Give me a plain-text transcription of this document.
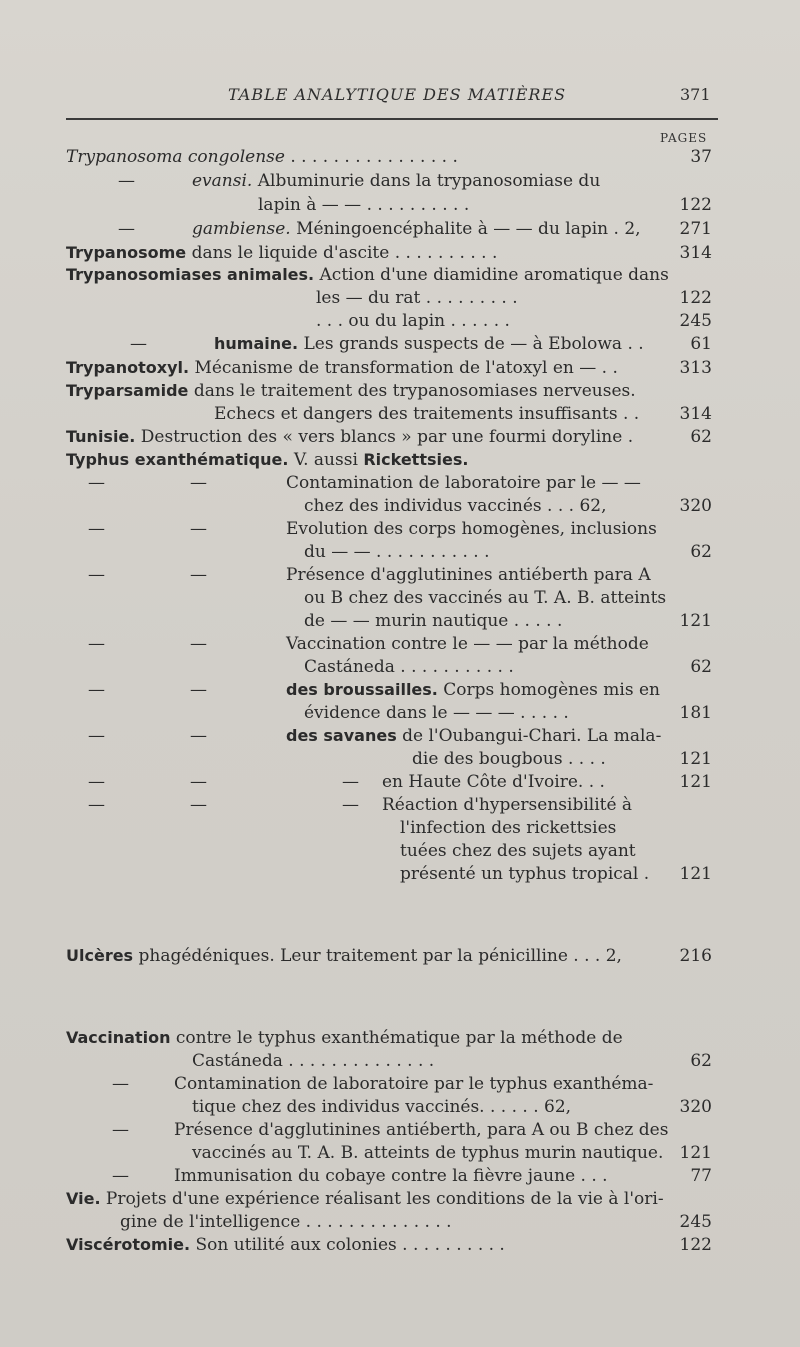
TABLE ANALYTIQUE DES MATIÈRES	371
PAGES
Trypanosoma congolense . . . . . . . . . . . . . . . .	37
—	evansi. Albuminurie dans la trypanosomiase du
lapin à — — . . . . . . . . . .	122
—	gambiense. Méningoencéphalite à — — du lapin . 2,	271
Trypanosome dans le liquide d'ascite . . . . . . . . . .	314
Trypanosomiases animales. Action d'une diamidine aromatique dans
les — du rat . . . . . . . . .	122
. . . ou du lapin . . . . . .	245
—	humaine. Les grands suspects de — à Ebolowa . .	61
Trypanotoxyl. Mécanisme de transformation de l'atoxyl en — . .	313
Tryparsamide dans le traitement des trypanosomiases nerveuses.
Echecs et dangers des traitements insuffisants . .	314
Tunisie. Destruction des « vers blancs » par une fourmi doryline .	62
Typhus exanthématique. V. aussi Rickettsies.
—	—	Contamination de laboratoire par le — —
chez des individus vaccinés . . . 62,	320
—	—	Evolution des corps homogènes, inclusions
du — — . . . . . . . . . . .	62
—	—	Présence d'agglutinines antiéberth para A
ou B chez des vaccinés au T. A. B. atteints
de — — murin nautique . . . . .	121
—	—	Vaccination contre le — — par la méthode
Castáneda . . . . . . . . . . .	62
—	—	des broussailles. Corps homogènes mis en
évidence dans le — — — . . . . .	181
—	—	des savanes de l'Oubangui-Chari. La mala-
die des bougbous . . . .	121
—	—	— en Haute Côte d'Ivoire. . .	121
—	—	— Réaction d'hypersensibilité à
l'infection des rickettsies
tuées chez des sujets ayant
présenté un typhus tropical .	121
Ulcères phagédéniques. Leur traitement par la pénicilline . . . 2,	216
Vaccination contre le typhus exanthématique par la méthode de
Castáneda . . . . . . . . . . . . . .	62
—	Contamination de laboratoire par le typhus exanthéma-
tique chez des individus vaccinés. . . . . . 62,	320
—	Présence d'agglutinines antiéberth, para A ou B chez des
vaccinés au T. A. B. atteints de typhus murin nautique. 121
—	Immunisation du cobaye contre la fièvre jaune . . .	77
Vie. Projets d'une expérience réalisant les conditions de la vie à l'ori-
gine de l'intelligence . . . . . . . . . . . . . .	245
Viscérotomie. Son utilité aux colonies . . . . . . . . . .	122
